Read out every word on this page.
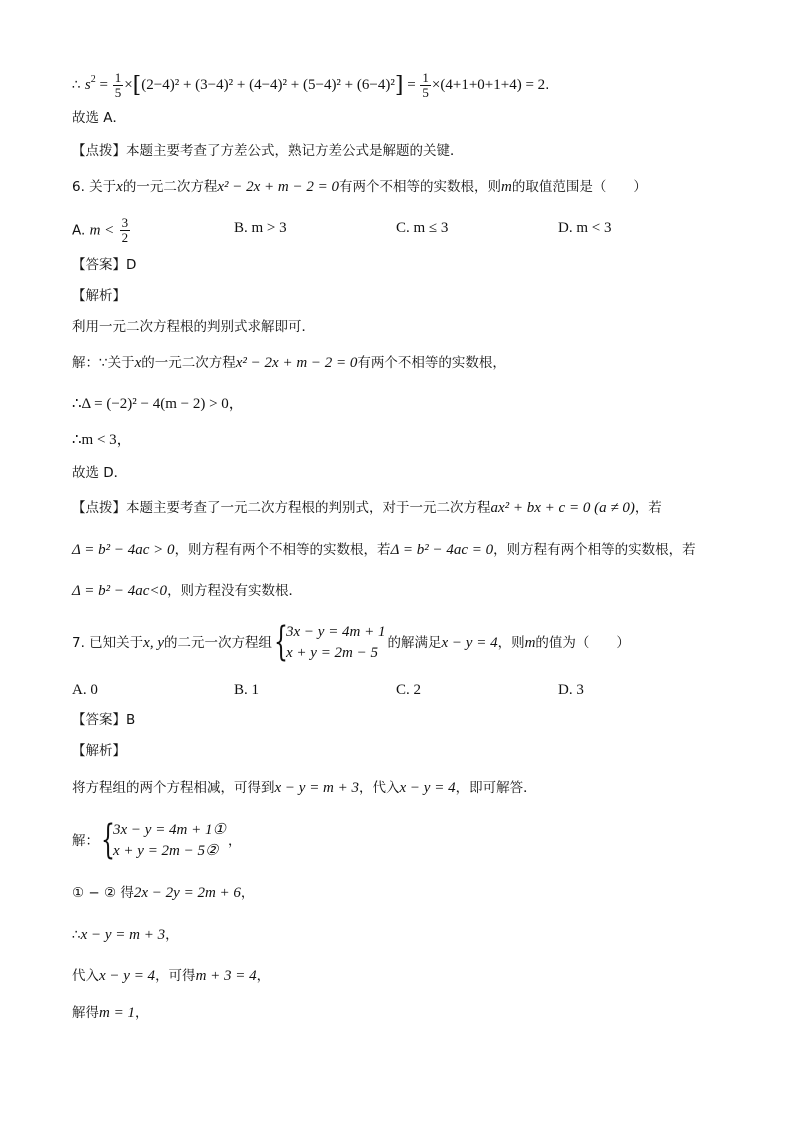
∴ $s^2 = \frac{1}{5} \times[(2-4)^2 + (3-4)^2 + (4-4)^2 + (5-4)^2 + (6-4)^2] = \frac{1}{5} \times(4+1+0+1+4) = 2$.
故选 A．
【点拨】本题主要考查了方差公式，熟记方差公式是解题的关键．
6. 关于x的一元二次方程x² − 2x + m − 2 = 0有两个不相等的实数根，则m的取值范围是（　　）
A. $m < \frac{3}{2}$	B. m > 3	C. m ≤ 3	D. m < 3
【答案】D
【解析】
利用一元二次方程根的判别式求解即可．
解：∵关于x的一元二次方程x² − 2x + m − 2 = 0有两个不相等的实数根，
∴Δ = (−2)² − 4(m − 2) > 0，
∴m < 3，
故选 D．
【点拨】本题主要考查了一元二次方程根的判别式，对于一元二次方程ax² + bx + c = 0 (a ≠ 0)，若
Δ = b² − 4ac > 0，则方程有两个不相等的实数根，若Δ = b² − 4ac = 0，则方程有两个相等的实数根，若
Δ = b² − 4ac<0，则方程没有实数根．
7. 已知关于x, y的二元一次方程组 {
3x − y = 4m + 1
x + y = 2m − 5
的解满足x − y = 4，则m的值为（　　）
A. 0	B. 1	C. 2	D. 3
【答案】B
【解析】
将方程组的两个方程相减，可得到x − y = m + 3，代入x − y = 4，即可解答．
解： {
3x − y = 4m + 1①
x + y = 2m − 5②
，
① − ② 得2x − 2y = 2m + 6，
∴x − y = m + 3，
代入x − y = 4，可得m + 3 = 4，
解得m = 1，
